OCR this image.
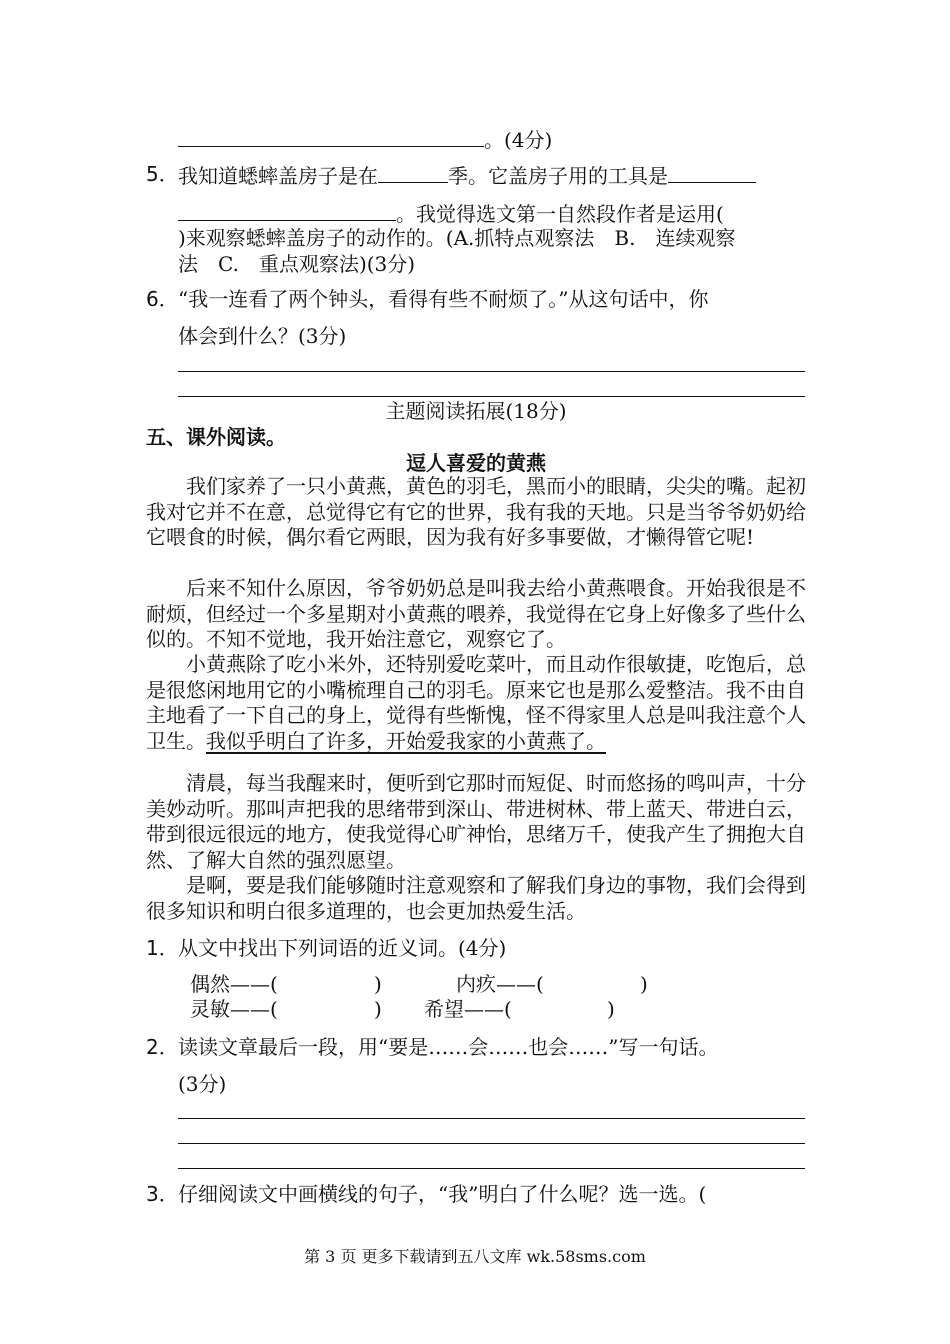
。(4分)
5． 我知道蟋蟀盖房子是在	季。它盖房子用的工具是
。我觉得选文第一自然段作者是运用(
)来观察蟋蟀盖房子的动作的。(A.抓特点观察法　B.　连续观察
法　C.　重点观察法)(3分)
6． “我一连看了两个钟头，看得有些不耐烦了。”从这句话中，你
体会到什么？(3分)
主题阅读拓展(18分)
五、课外阅读。
逗人喜爱的黄燕
我们家养了一只小黄燕，黄色的羽毛，黑而小的眼睛，尖尖的嘴。起初我对它并不在意，总觉得它有它的世界，我有我的天地。只是当爷爷奶奶给它喂食的时候，偶尔看它两眼，因为我有好多事要做，才懒得管它呢!
后来不知什么原因，爷爷奶奶总是叫我去给小黄燕喂食。开始我很是不耐烦，但经过一个多星期对小黄燕的喂养，我觉得在它身上好像多了些什么似的。不知不觉地，我开始注意它，观察它了。
小黄燕除了吃小米外，还特别爱吃菜叶，而且动作很敏捷，吃饱后，总是很悠闲地用它的小嘴梳理自己的羽毛。原来它也是那么爱整洁。我不由自主地看了一下自己的身上，觉得有些惭愧，怪不得家里人总是叫我注意个人卫生。我似乎明白了许多，开始爱我家的小黄燕了。
清晨，每当我醒来时，便听到它那时而短促、时而悠扬的鸣叫声，十分美妙动听。那叫声把我的思绪带到深山、带进树林、带上蓝天、带进白云，带到很远很远的地方，使我觉得心旷神怡，思绪万千，使我产生了拥抱大自然、了解大自然的强烈愿望。
是啊，要是我们能够随时注意观察和了解我们身边的事物，我们会得到很多知识和明白很多道理的，也会更加热爱生活。
1． 从文中找出下列词语的近义词。(4分)
偶然——(	)	内疚——(	)
灵敏——(	) 希望——(	)
2． 读读文章最后一段，用“要是……会……也会……”写一句话。
(3分)
3． 仔细阅读文中画横线的句子，“我”明白了什么呢？选一选。(
第 3 页 更多下载请到五八文库 wk.58sms.com
